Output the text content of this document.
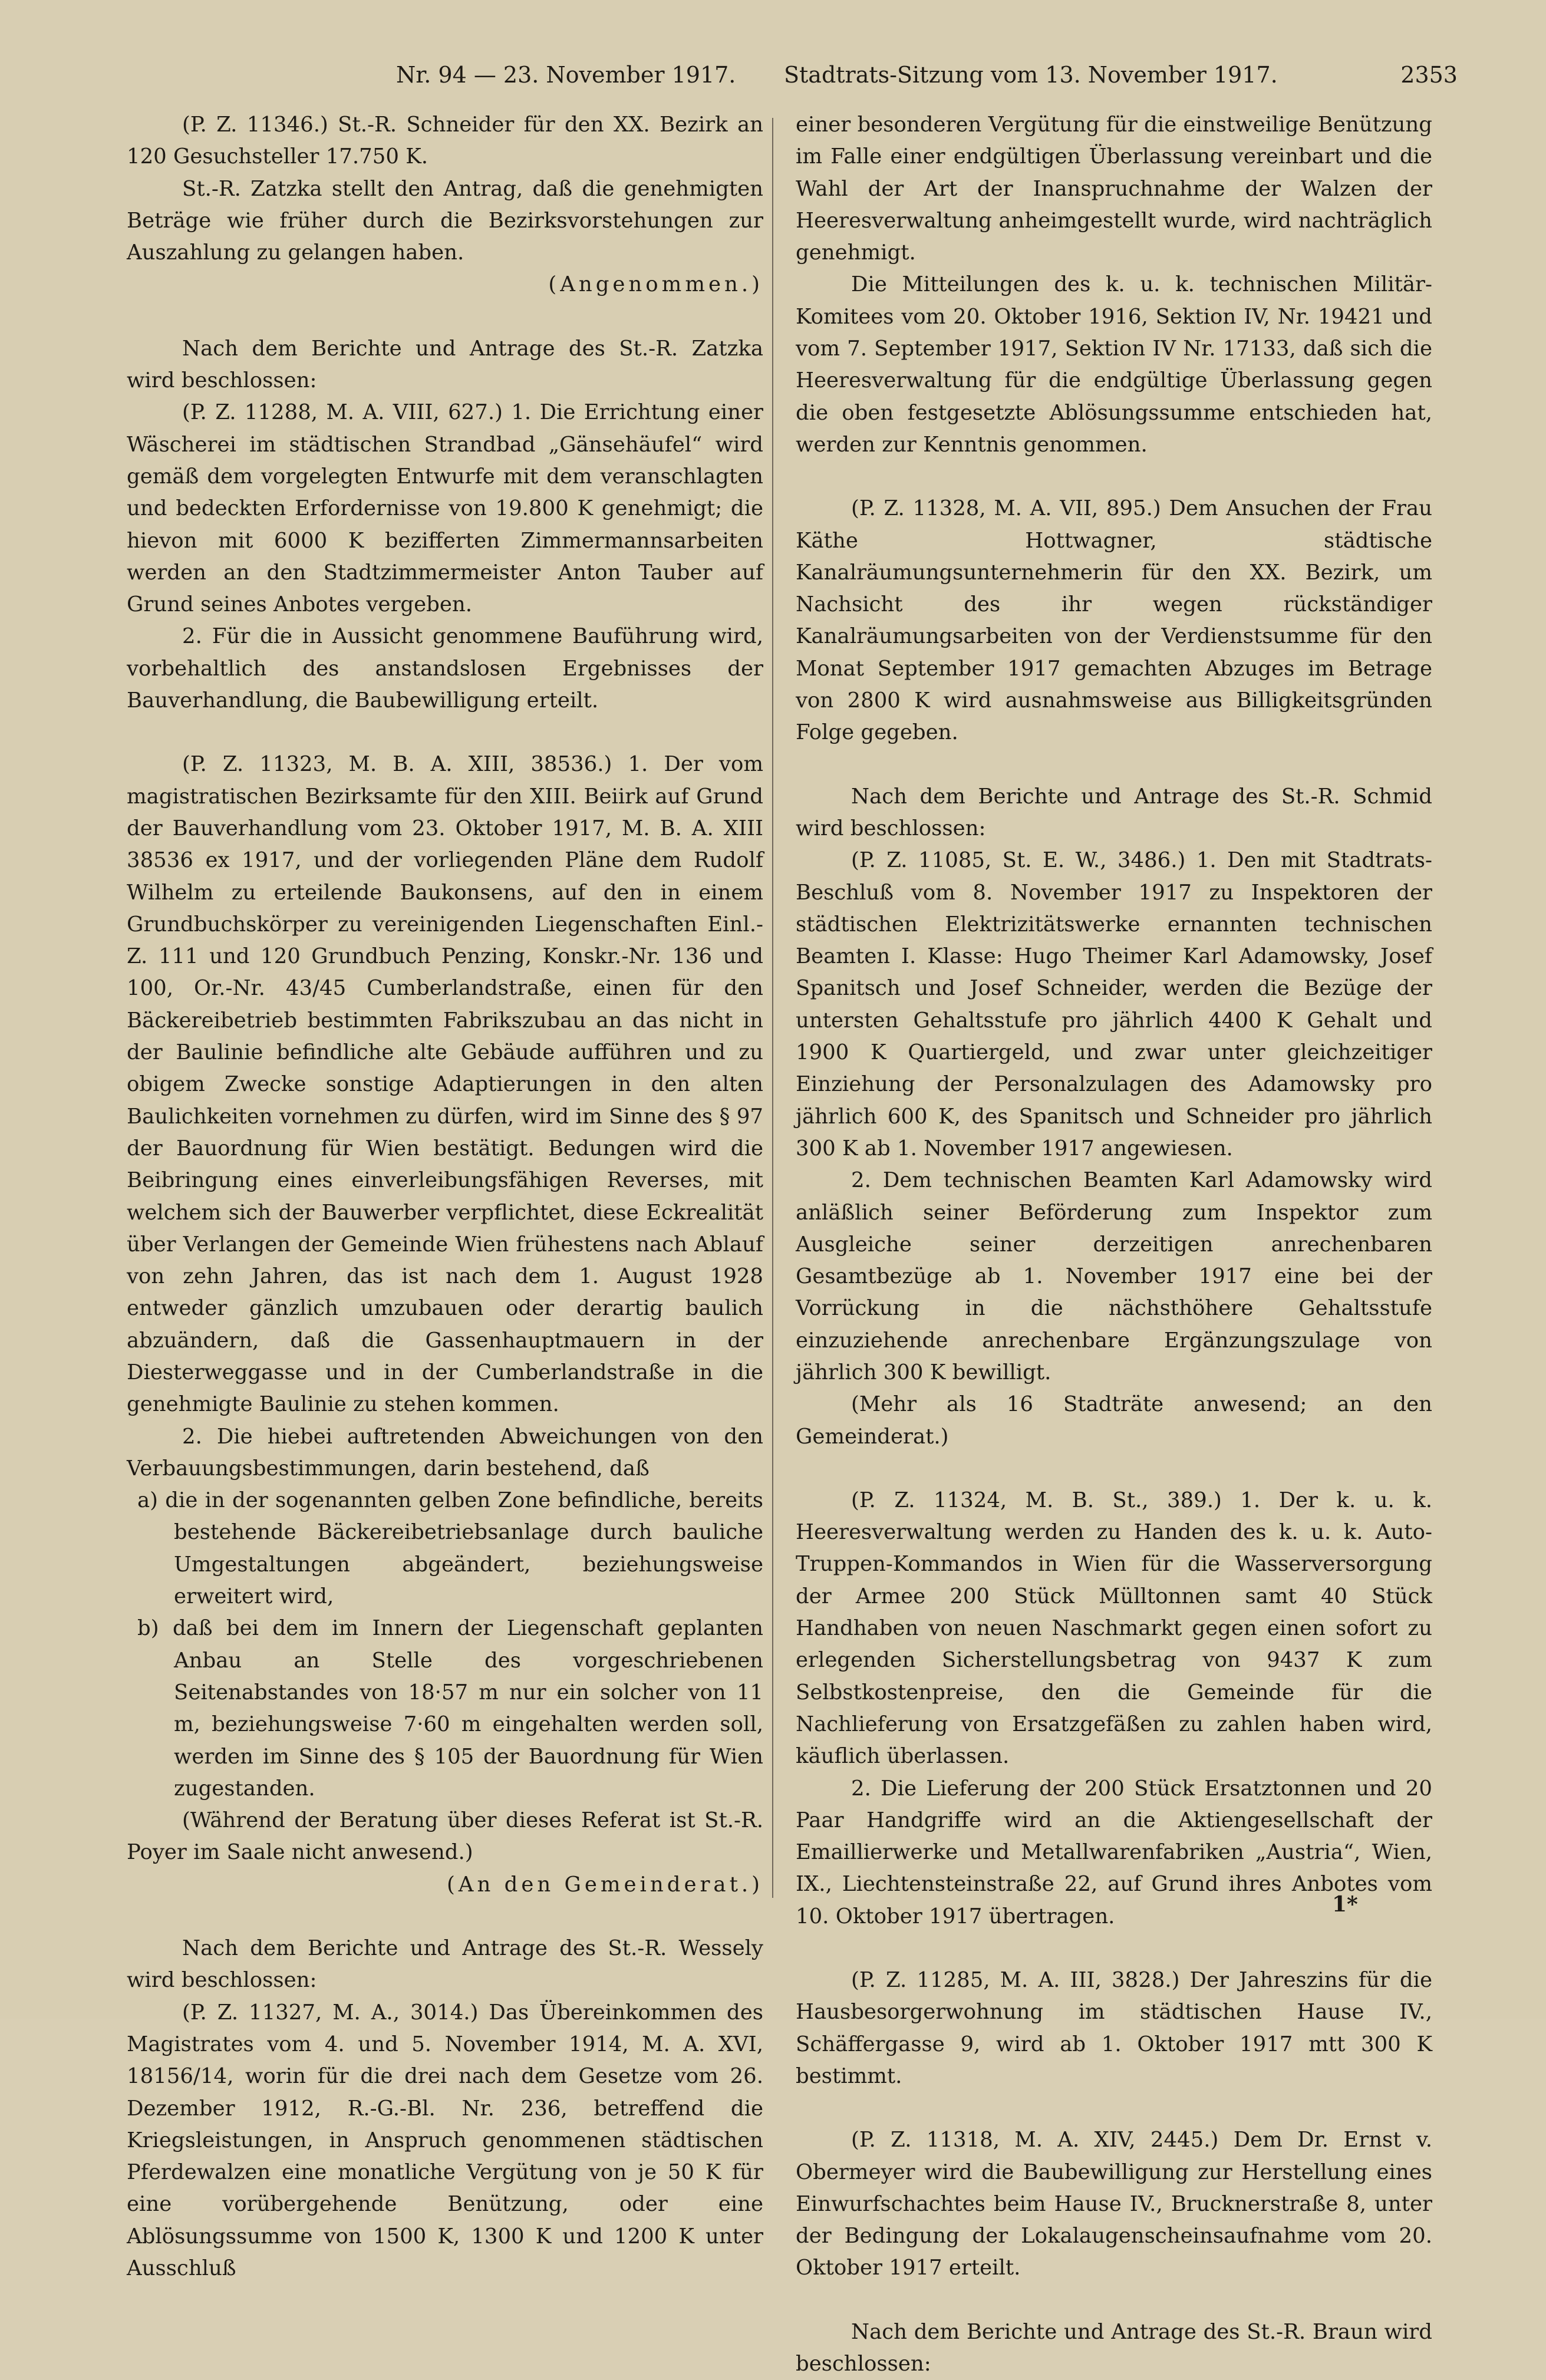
Nr. 94 — 23. November 1917. Stadtrats-Sitzung vom 13. November 1917.	2353

(P. Z. 11346.) St.-R. Schneider für den XX. Bezirk an 120 Gesuchsteller 17.750 K.

St.-R. Zatzka stellt den Antrag, daß die genehmigten Beträge wie früher durch die Bezirksvorstehungen zur Auszahlung zu gelangen haben.

(Angenommen.)

Nach dem Berichte und Antrage des St.-R. Zatzka wird beschlossen:

(P. Z. 11288, M. A. VIII, 627.) 1. Die Errichtung einer Wäscherei im städtischen Strandbad „Gänsehäufel“ wird gemäß dem vorgelegten Entwurfe mit dem veranschlagten und bedeckten Erfordernisse von 19.800 K genehmigt; die hievon mit 6000 K bezifferten Zimmermannsarbeiten werden an den Stadtzimmermeister Anton Tauber auf Grund seines Anbotes vergeben.

2. Für die in Aussicht genommene Bauführung wird, vorbehaltlich des anstandslosen Ergebnisses der Bauverhandlung, die Baubewilligung erteilt.

(P. Z. 11323, M. B. A. XIII, 38536.) 1. Der vom magistratischen Bezirksamte für den XIII. Beiirk auf Grund der Bauverhandlung vom 23. Oktober 1917, M. B. A. XIII 38536 ex 1917, und der vorliegenden Pläne dem Rudolf Wilhelm zu erteilende Baukonsens, auf den in einem Grundbuchskörper zu vereinigenden Liegenschaften Einl.-Z. 111 und 120 Grundbuch Penzing, Konskr.-Nr. 136 und 100, Or.-Nr. 43/45 Cumberlandstraße, einen für den Bäckereibetrieb bestimmten Fabrikszubau an das nicht in der Baulinie befindliche alte Gebäude aufführen und zu obigem Zwecke sonstige Adaptierungen in den alten Baulichkeiten vornehmen zu dürfen, wird im Sinne des § 97 der Bauordnung für Wien bestätigt. Bedungen wird die Beibringung eines einverleibungsfähigen Reverses, mit welchem sich der Bauwerber verpflichtet, diese Eckrealität über Verlangen der Gemeinde Wien frühestens nach Ablauf von zehn Jahren, das ist nach dem 1. August 1928 entweder gänzlich umzubauen oder derartig baulich abzuändern, daß die Gassenhauptmauern in der Diesterweggasse und in der Cumberlandstraße in die genehmigte Baulinie zu stehen kommen.

2. Die hiebei auftretenden Abweichungen von den Verbauungsbestimmungen, darin bestehend, daß

a) die in der sogenannten gelben Zone befindliche, bereits bestehende Bäckereibetriebsanlage durch bauliche Umgestaltungen abgeändert, beziehungsweise erweitert wird,

b) daß bei dem im Innern der Liegenschaft geplanten Anbau an Stelle des vorgeschriebenen Seitenabstandes von 18·57 m nur ein solcher von 11 m, beziehungsweise 7·60 m eingehalten werden soll, werden im Sinne des § 105 der Bauordnung für Wien zugestanden.

(Während der Beratung über dieses Referat ist St.-R. Poyer im Saale nicht anwesend.)

(An den Gemeinderat.)

Nach dem Berichte und Antrage des St.-R. Wessely wird beschlossen:

(P. Z. 11327, M. A., 3014.) Das Übereinkommen des Magistrates vom 4. und 5. November 1914, M. A. XVI, 18156/14, worin für die drei nach dem Gesetze vom 26. Dezember 1912, R.-G.-Bl. Nr. 236, betreffend die Kriegsleistungen, in Anspruch genommenen städtischen Pferdewalzen eine monatliche Vergütung von je 50 K für eine vorübergehende Benützung, oder eine Ablösungssumme von 1500 K, 1300 K und 1200 K unter Ausschluß

einer besonderen Vergütung für die einstweilige Benützung im Falle einer endgültigen Überlassung vereinbart und die Wahl der Art der Inanspruchnahme der Walzen der Heeresverwaltung anheimgestellt wurde, wird nachträglich genehmigt.

Die Mitteilungen des k. u. k. technischen Militär-Komitees vom 20. Oktober 1916, Sektion IV, Nr. 19421 und vom 7. September 1917, Sektion IV Nr. 17133, daß sich die Heeresverwaltung für die endgültige Überlassung gegen die oben festgesetzte Ablösungssumme entschieden hat, werden zur Kenntnis genommen.

(P. Z. 11328, M. A. VII, 895.) Dem Ansuchen der Frau Käthe Hottwagner, städtische Kanalräumungsunternehmerin für den XX. Bezirk, um Nachsicht des ihr wegen rückständiger Kanalräumungsarbeiten von der Verdienstsumme für den Monat September 1917 gemachten Abzuges im Betrage von 2800 K wird ausnahmsweise aus Billigkeitsgründen Folge gegeben.

Nach dem Berichte und Antrage des St.-R. Schmid wird beschlossen:

(P. Z. 11085, St. E. W., 3486.) 1. Den mit Stadtrats-Beschluß vom 8. November 1917 zu Inspektoren der städtischen Elektrizitätswerke ernannten technischen Beamten I. Klasse: Hugo Theimer Karl Adamowsky, Josef Spanitsch und Josef Schneider, werden die Bezüge der untersten Gehaltsstufe pro jährlich 4400 K Gehalt und 1900 K Quartiergeld, und zwar unter gleichzeitiger Einziehung der Personalzulagen des Adamowsky pro jährlich 600 K, des Spanitsch und Schneider pro jährlich 300 K ab 1. November 1917 angewiesen.

2. Dem technischen Beamten Karl Adamowsky wird anläßlich seiner Beförderung zum Inspektor zum Ausgleiche seiner derzeitigen anrechenbaren Gesamtbezüge ab 1. November 1917 eine bei der Vorrückung in die nächsthöhere Gehaltsstufe einzuziehende anrechenbare Ergänzungszulage von jährlich 300 K bewilligt.

(Mehr als 16 Stadträte anwesend; an den Gemeinderat.)

(P. Z. 11324, M. B. St., 389.) 1. Der k. u. k. Heeresverwaltung werden zu Handen des k. u. k. Auto-Truppen-Kommandos in Wien für die Wasserversorgung der Armee 200 Stück Mülltonnen samt 40 Stück Handhaben von neuen Naschmarkt gegen einen sofort zu erlegenden Sicherstellungsbetrag von 9437 K zum Selbstkostenpreise, den die Gemeinde für die Nachlieferung von Ersatzgefäßen zu zahlen haben wird, käuflich überlassen.

2. Die Lieferung der 200 Stück Ersatztonnen und 20 Paar Handgriffe wird an die Aktiengesellschaft der Emaillierwerke und Metallwarenfabriken „Austria“, Wien, IX., Liechtensteinstraße 22, auf Grund ihres Anbotes vom 10. Oktober 1917 übertragen.

(P. Z. 11285, M. A. III, 3828.) Der Jahreszins für die Hausbesorgerwohnung im städtischen Hause IV., Schäffergasse 9, wird ab 1. Oktober 1917 mtt 300 K bestimmt.

(P. Z. 11318, M. A. XIV, 2445.) Dem Dr. Ernst v. Obermeyer wird die Baubewilligung zur Herstellung eines Einwurfschachtes beim Hause IV., Brucknerstraße 8, unter der Bedingung der Lokalaugenscheinsaufnahme vom 20. Oktober 1917 erteilt.

Nach dem Berichte und Antrage des St.-R. Braun wird beschlossen:

1*
